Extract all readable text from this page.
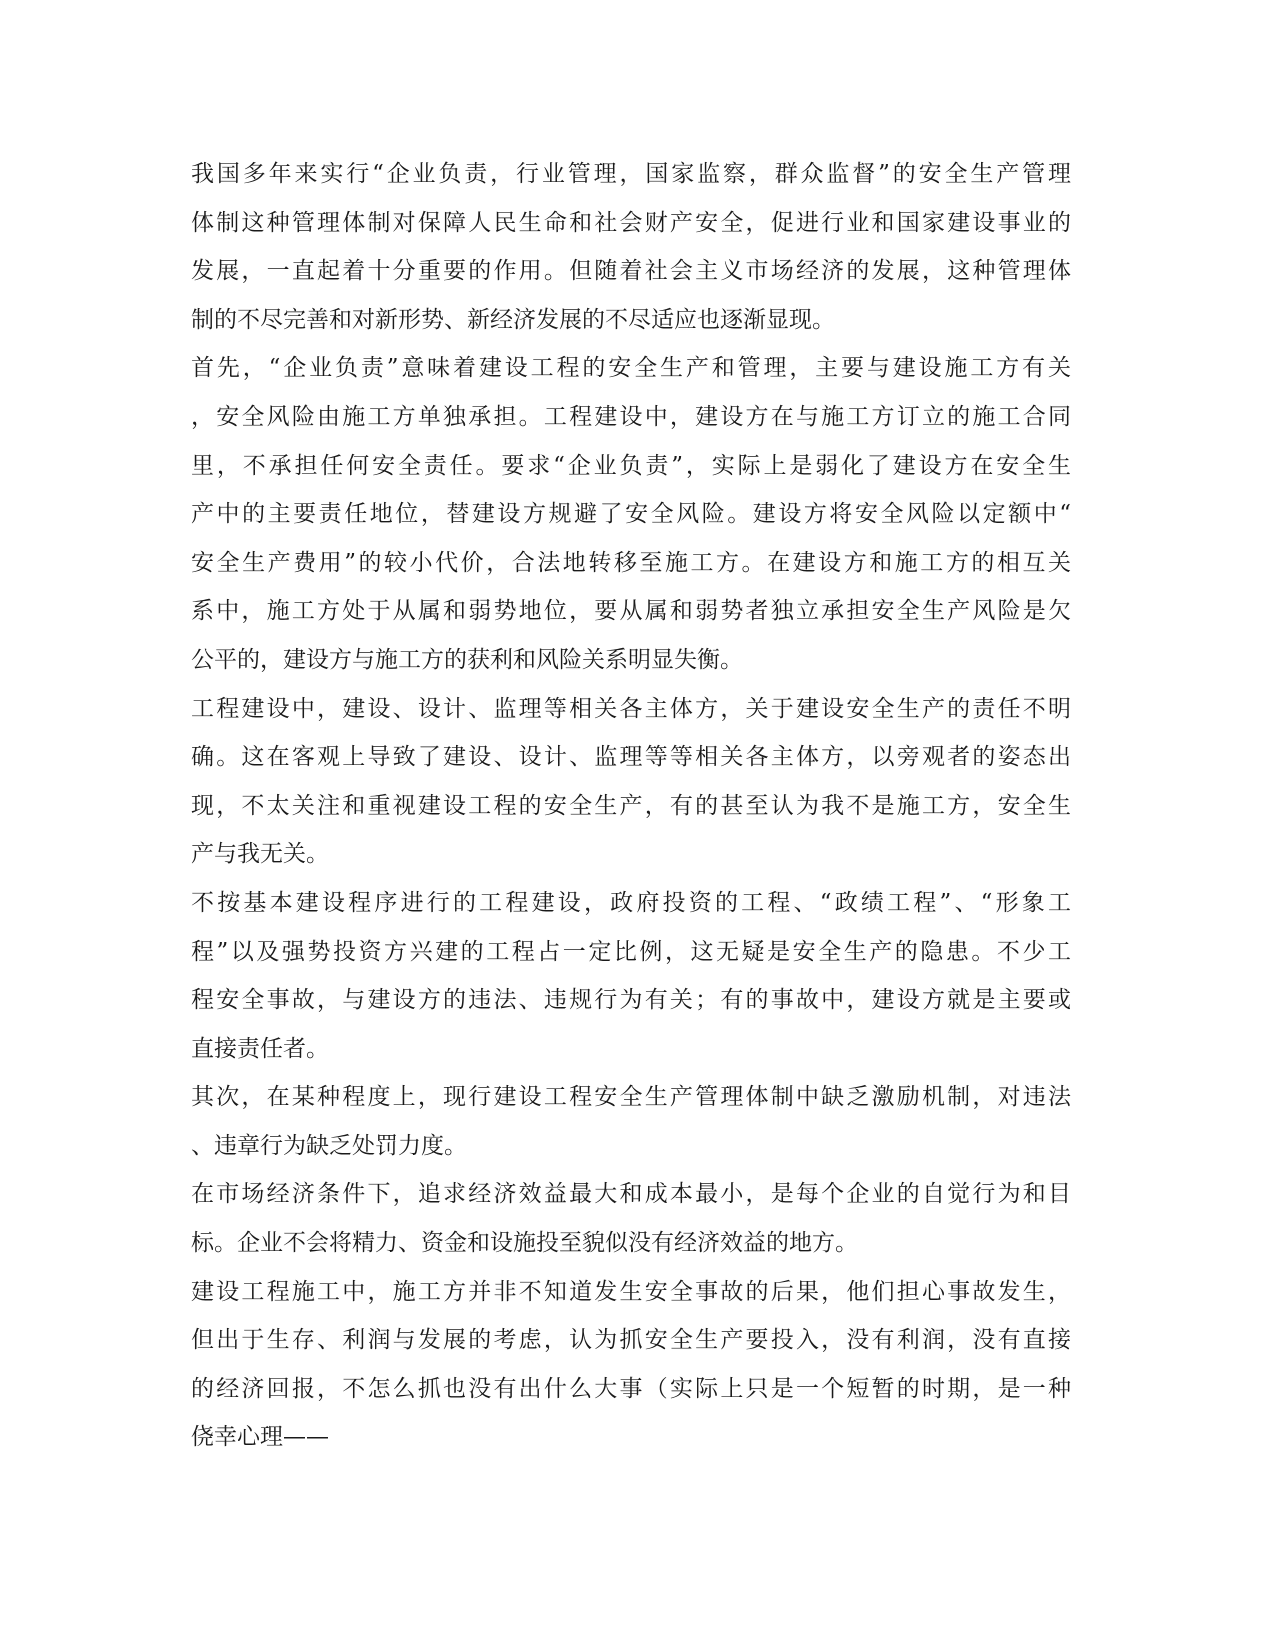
我国多年来实行“企业负责，行业管理，国家监察，群众监督”的安全生产管理
体制这种管理体制对保障人民生命和社会财产安全，促进行业和国家建设事业的
发展，一直起着十分重要的作用。但随着社会主义市场经济的发展，这种管理体
制的不尽完善和对新形势、新经济发展的不尽适应也逐渐显现。
首先，“企业负责”意味着建设工程的安全生产和管理，主要与建设施工方有关
，安全风险由施工方单独承担。工程建设中，建设方在与施工方订立的施工合同
里，不承担任何安全责任。要求“企业负责”，实际上是弱化了建设方在安全生
产中的主要责任地位，替建设方规避了安全风险。建设方将安全风险以定额中“
安全生产费用”的较小代价，合法地转移至施工方。在建设方和施工方的相互关
系中，施工方处于从属和弱势地位，要从属和弱势者独立承担安全生产风险是欠
公平的，建设方与施工方的获利和风险关系明显失衡。
工程建设中，建设、设计、监理等相关各主体方，关于建设安全生产的责任不明
确。这在客观上导致了建设、设计、监理等等相关各主体方，以旁观者的姿态出
现，不太关注和重视建设工程的安全生产，有的甚至认为我不是施工方，安全生
产与我无关。
不按基本建设程序进行的工程建设，政府投资的工程、“政绩工程”、“形象工
程”以及强势投资方兴建的工程占一定比例，这无疑是安全生产的隐患。不少工
程安全事故，与建设方的违法、违规行为有关；有的事故中，建设方就是主要或
直接责任者。
其次，在某种程度上，现行建设工程安全生产管理体制中缺乏激励机制，对违法
、违章行为缺乏处罚力度。
在市场经济条件下，追求经济效益最大和成本最小，是每个企业的自觉行为和目
标。企业不会将精力、资金和设施投至貌似没有经济效益的地方。
建设工程施工中，施工方并非不知道发生安全事故的后果，他们担心事故发生，
但出于生存、利润与发展的考虑，认为抓安全生产要投入，没有利润，没有直接
的经济回报，不怎么抓也没有出什么大事（实际上只是一个短暂的时期，是一种
侥幸心理——
